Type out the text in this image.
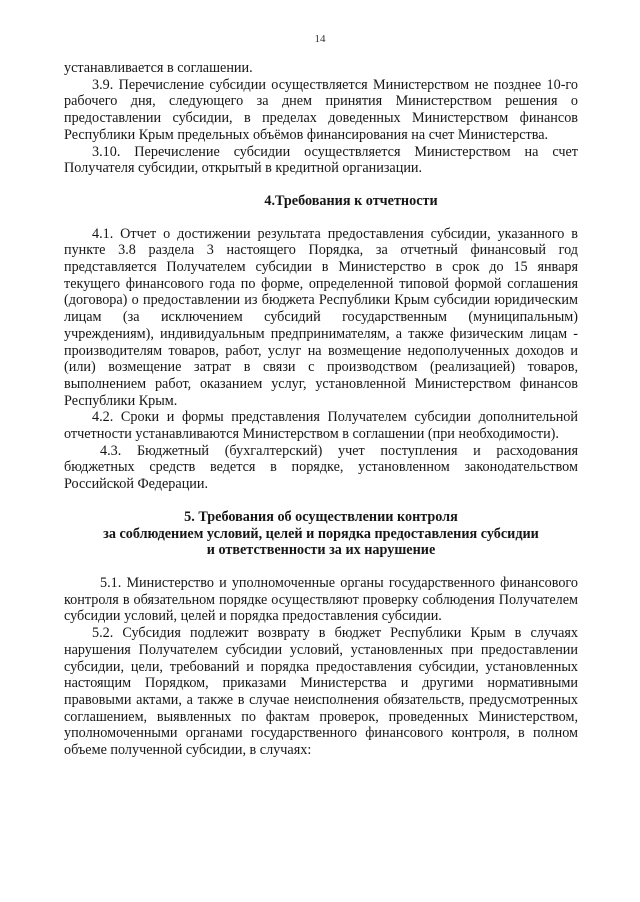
14

устанавливается в соглашении.

3.9. Перечисление субсидии осуществляется Министерством не позднее 10-го рабочего дня, следующего за днем принятия Министерством решения о предоставлении субсидии, в пределах доведенных Министерством финансов Республики Крым предельных объёмов финансирования на счет Министерства.

3.10. Перечисление субсидии осуществляется Министерством на счет Получателя субсидии, открытый в кредитной организации.

4.Требования к отчетности

4.1. Отчет о достижении результата предоставления субсидии, указанного в пункте 3.8 раздела 3 настоящего Порядка, за отчетный финансовый год представляется Получателем субсидии в Министерство в срок до 15 января текущего финансового года по форме, определенной типовой формой соглашения (договора) о предоставлении из бюджета Республики Крым субсидии юридическим лицам (за исключением субсидий государственным (муниципальным) учреждениям), индивидуальным предпринимателям, а также физическим лицам - производителям товаров, работ, услуг на возмещение недополученных доходов и (или) возмещение затрат в связи с производством (реализацией) товаров, выполнением работ, оказанием услуг, установленной Министерством финансов Республики Крым.

4.2. Сроки и формы представления Получателем субсидии дополнительной отчетности устанавливаются Министерством в соглашении (при необходимости).

4.3. Бюджетный (бухгалтерский) учет поступления и расходования бюджетных средств ведется в порядке, установленном законодательством Российской Федерации.

5. Требования об осуществлении контроля
за соблюдением условий, целей и порядка предоставления субсидии
и ответственности за их нарушение

5.1. Министерство и уполномоченные органы государственного финансового контроля в обязательном порядке осуществляют проверку соблюдения Получателем субсидии условий, целей и порядка предоставления субсидии.

5.2. Субсидия подлежит возврату в бюджет Республики Крым в случаях нарушения Получателем субсидии условий, установленных при предоставлении субсидии, цели, требований и порядка предоставления субсидии, установленных настоящим Порядком, приказами Министерства и другими нормативными правовыми актами, а также в случае неисполнения обязательств, предусмотренных соглашением, выявленных по фактам проверок, проведенных Министерством, уполномоченными органами государственного финансового контроля, в полном объеме полученной субсидии, в случаях:
